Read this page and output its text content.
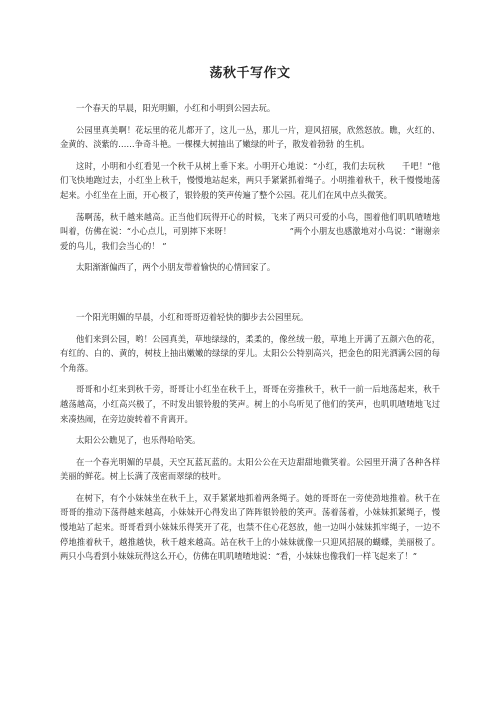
荡秋千写作文

一个春天的早晨，阳光明媚，小红和小明到公园去玩。

公园里真美啊！花坛里的花儿都开了，这儿一丛，那儿一片，迎风招展，欣然怒放。瞧，火红的、金黄的、淡紫的……争奇斗艳。一棵棵大树抽出了嫩绿的叶子，散发着勃勃 的生机。

这时，小明和小红看见一个秋千从树上垂下来。小明开心地说：“小红，我们去玩秋　　千吧！”他们飞快地跑过去，小红坐上秋千，慢慢地站起来，两只手紧紧抓着绳子。小明推着秋千，秋千慢慢地荡起来。小红坐在上面，开心极了，银铃般的笑声传遍了整个公园。花儿们在风中点头微笑。

荡啊荡，秋千越来越高。正当他们玩得开心的时候，飞来了两只可爱的小鸟，围着他们叽叽喳喳地叫着，仿佛在说：“小心点儿，可别摔下来呀！　　　　　　　”两个小朋友也感激地对小鸟说：“谢谢亲爱的鸟儿，我们会当心的！ ”

太阳渐渐偏西了，两个小朋友带着愉快的心情回家了。

一个阳光明媚的早晨，小红和哥哥迈着轻快的脚步去公园里玩。

他们来到公园，哟！公园真美，草地绿绿的，柔柔的，像丝绒一般，草地上开满了五颜六色的花，有红的、白的、黄的，树枝上抽出嫩嫩的绿绿的芽儿。太阳公公特别高兴，把金色的阳光洒满公园的每个角落。

哥哥和小红来到秋千旁，哥哥让小红坐在秋千上，哥哥在旁推秋千，秋千一前一后地荡起来，秋千越荡越高，小红高兴极了，不时发出银铃般的笑声。树上的小鸟听见了他们的笑声，也叽叽喳喳地飞过来凑热闹，在旁边旋转着不肯离开。

太阳公公瞧见了，也乐得哈哈笑。

在一个春光明媚的早晨，天空瓦蓝瓦蓝的。太阳公公在天边甜甜地微笑着。公园里开满了各种各样美丽的鲜花。树上长满了茂密而翠绿的枝叶。

在树下，有个小妹妹坐在秋千上，双手紧紧地抓着两条绳子。她的哥哥在一旁使劲地推着。秋千在哥哥的推动下荡得越来越高，小妹妹开心得发出了阵阵银铃般的笑声。荡着荡着，小妹妹抓紧绳子，慢慢地站了起来。哥哥看到小妹妹乐得笑开了花，也禁不住心花怒放，他一边叫小妹妹抓牢绳子，一边不停地推着秋千，越推越快，秋千越来越高。站在秋千上的小妹妹就像一只迎风招展的蝴蝶，美丽极了。两只小鸟看到小妹妹玩得这么开心，仿佛在叽叽喳喳地说：“看，小妹妹也像我们一样飞起来了！”
